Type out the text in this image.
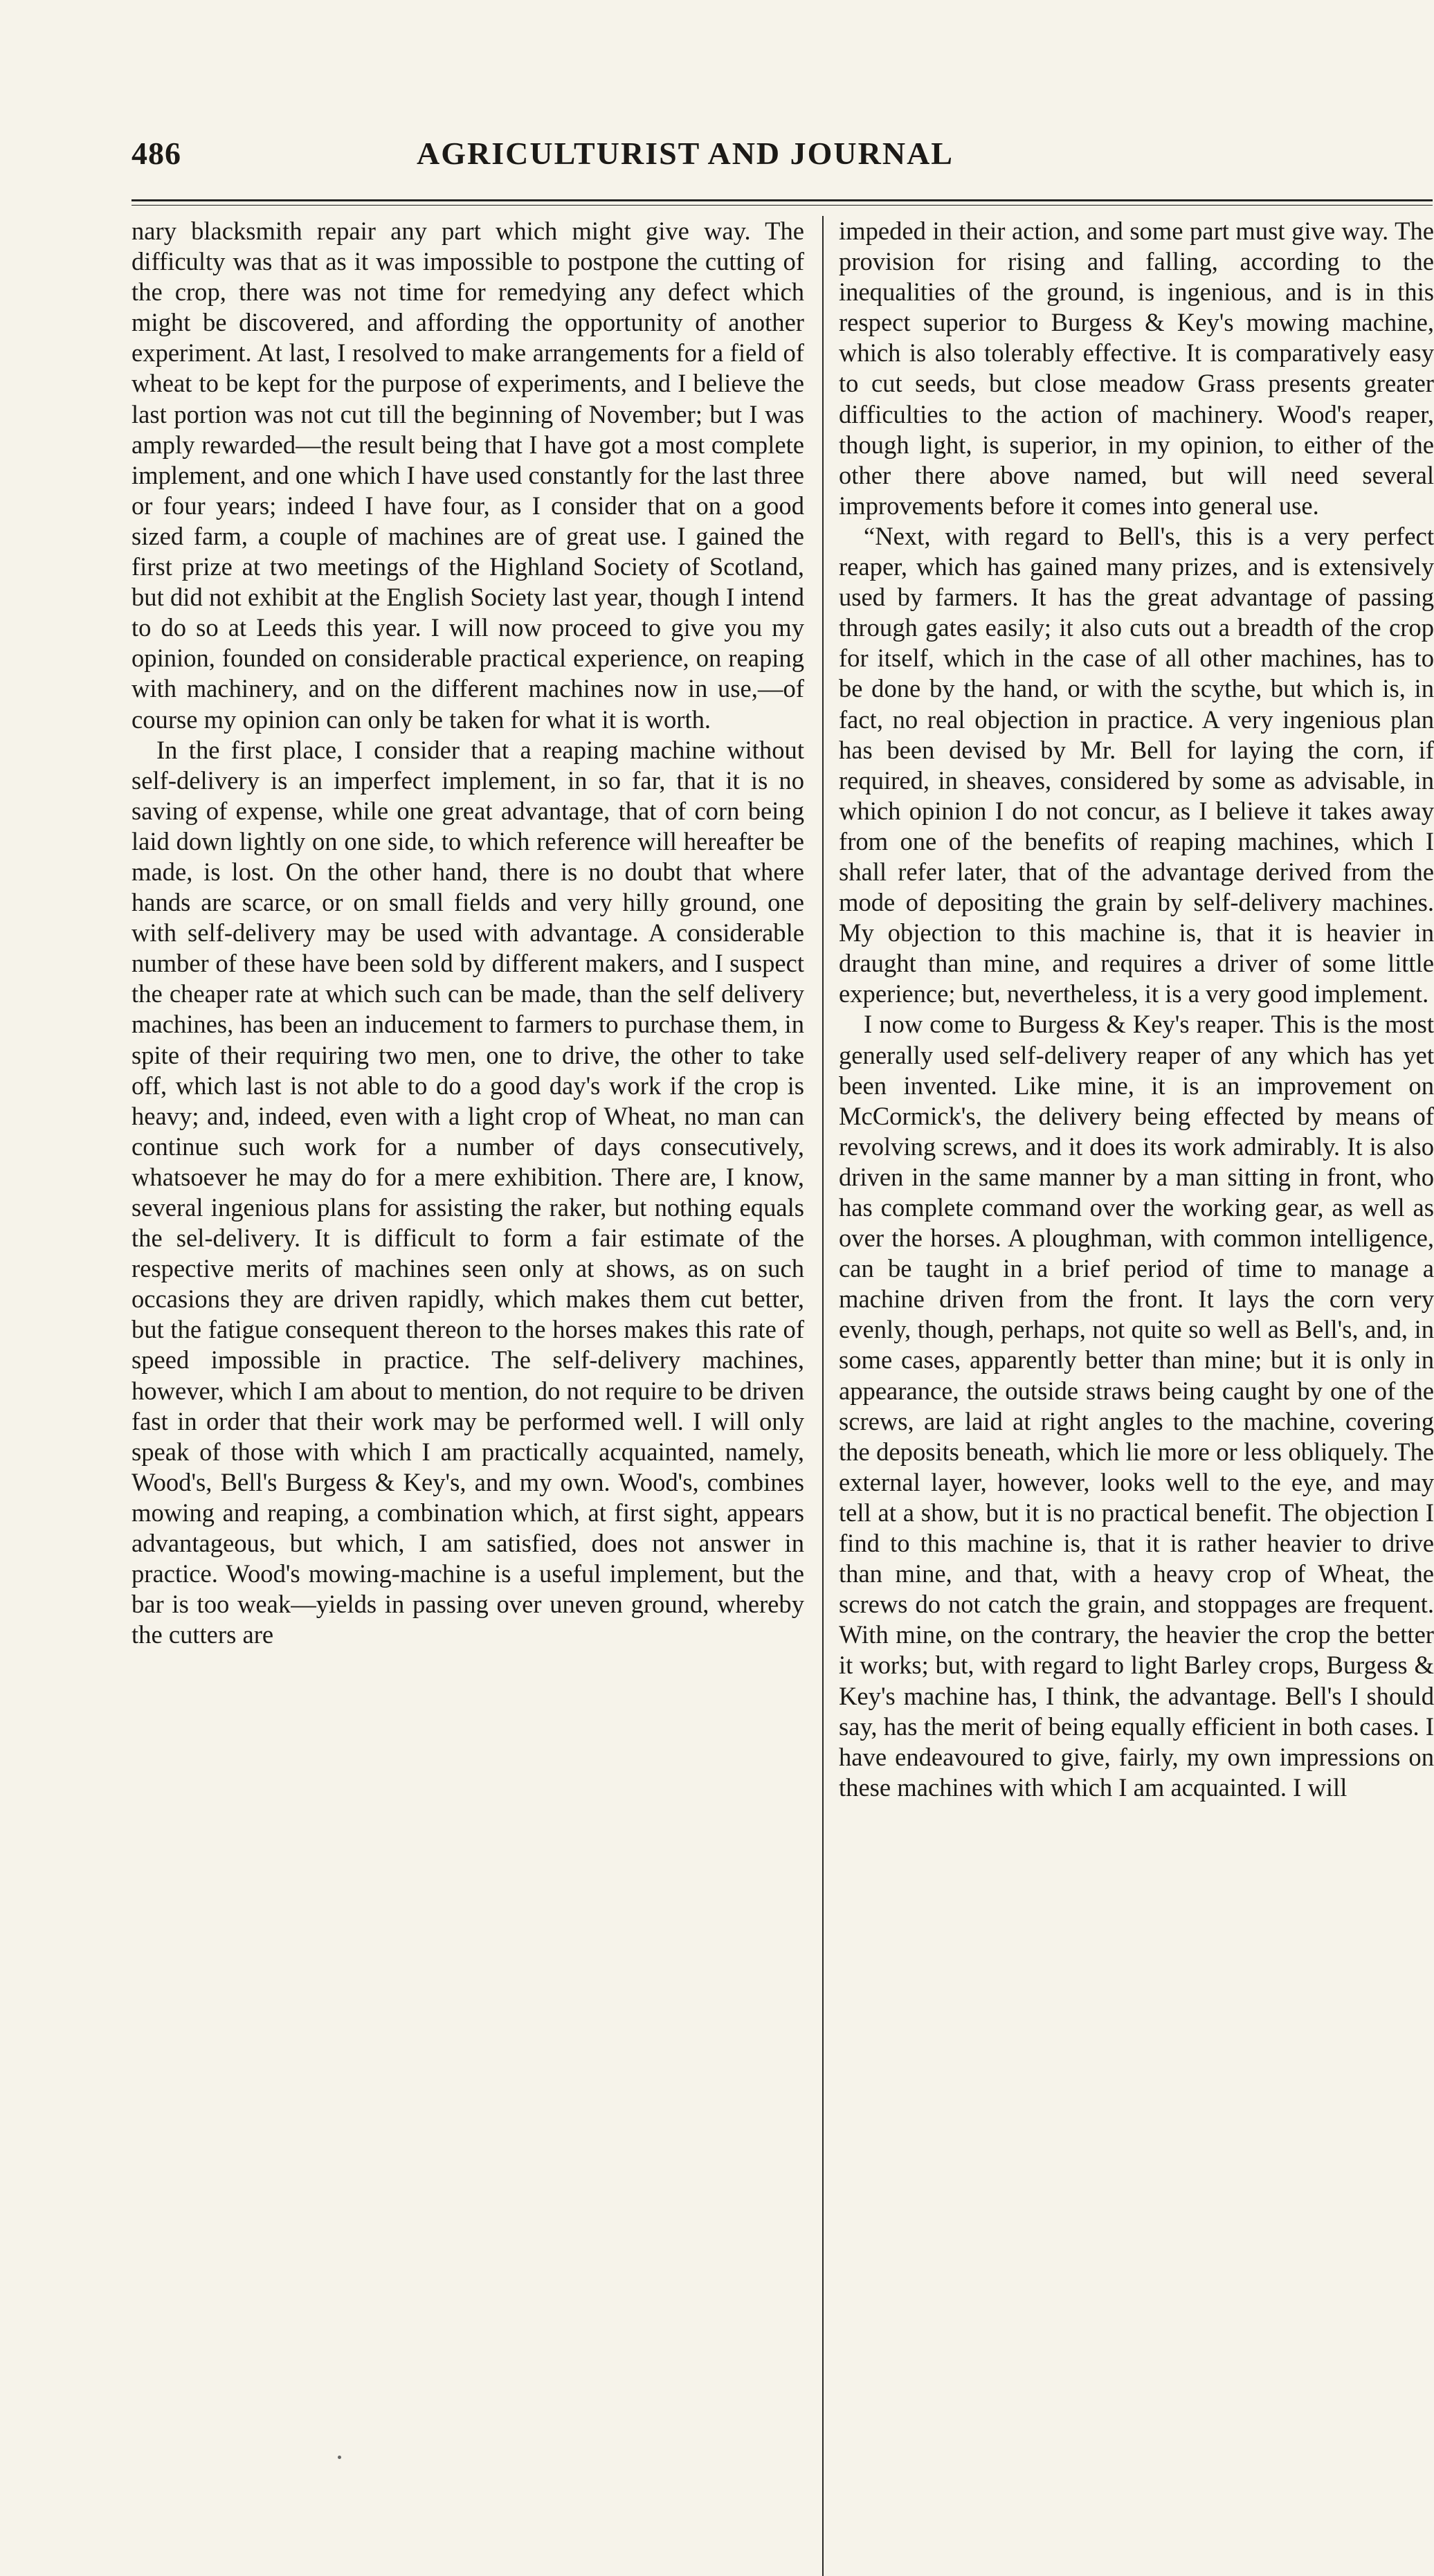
486	AGRICULTURIST AND JOURNAL

nary blacksmith repair any part which might give way. The difficulty was that as it was impossible to postpone the cutting of the crop, there was not time for remedying any defect which might be discovered, and affording the opportunity of another experiment. At last, I resolved to make arrangements for a field of wheat to be kept for the purpose of experiments, and I believe the last portion was not cut till the beginning of November; but I was amply rewarded—the result being that I have got a most complete implement, and one which I have used constantly for the last three or four years; indeed I have four, as I consider that on a good sized farm, a couple of machines are of great use. I gained the first prize at two meetings of the Highland Society of Scotland, but did not exhibit at the English Society last year, though I intend to do so at Leeds this year. I will now proceed to give you my opinion, founded on considerable practical experience, on reaping with machinery, and on the different machines now in use,—of course my opinion can only be taken for what it is worth.

In the first place, I consider that a reaping machine without self-delivery is an imperfect implement, in so far, that it is no saving of expense, while one great advantage, that of corn being laid down lightly on one side, to which reference will hereafter be made, is lost. On the other hand, there is no doubt that where hands are scarce, or on small fields and very hilly ground, one with self-delivery may be used with advantage. A considerable number of these have been sold by different makers, and I suspect the cheaper rate at which such can be made, than the self delivery machines, has been an inducement to farmers to purchase them, in spite of their requiring two men, one to drive, the other to take off, which last is not able to do a good day's work if the crop is heavy; and, indeed, even with a light crop of Wheat, no man can continue such work for a number of days consecutively, whatsoever he may do for a mere exhibition. There are, I know, several ingenious plans for assisting the raker, but nothing equals the sel-delivery. It is difficult to form a fair estimate of the respective merits of machines seen only at shows, as on such occasions they are driven rapidly, which makes them cut better, but the fatigue consequent thereon to the horses makes this rate of speed impossible in practice. The self-delivery machines, however, which I am about to mention, do not require to be driven fast in order that their work may be performed well. I will only speak of those with which I am practically acquainted, namely, Wood's, Bell's Burgess & Key's, and my own. Wood's, combines mowing and reaping, a combination which, at first sight, appears advantageous, but which, I am satisfied, does not answer in practice. Wood's mowing-machine is a useful implement, but the bar is too weak—yields in passing over uneven ground, whereby the cutters are

impeded in their action, and some part must give way. The provision for rising and falling, according to the inequalities of the ground, is ingenious, and is in this respect superior to Burgess & Key's mowing machine, which is also tolerably effective. It is comparatively easy to cut seeds, but close meadow Grass presents greater difficulties to the action of machinery. Wood's reaper, though light, is superior, in my opinion, to either of the other there above named, but will need several improvements before it comes into general use.

“Next, with regard to Bell's, this is a very perfect reaper, which has gained many prizes, and is extensively used by farmers. It has the great advantage of passing through gates easily; it also cuts out a breadth of the crop for itself, which in the case of all other machines, has to be done by the hand, or with the scythe, but which is, in fact, no real objection in practice. A very ingenious plan has been devised by Mr. Bell for laying the corn, if required, in sheaves, considered by some as advisable, in which opinion I do not concur, as I believe it takes away from one of the benefits of reaping machines, which I shall refer later, that of the advantage derived from the mode of depositing the grain by self-delivery machines. My objection to this machine is, that it is heavier in draught than mine, and requires a driver of some little experience; but, nevertheless, it is a very good implement.

I now come to Burgess & Key's reaper. This is the most generally used self-delivery reaper of any which has yet been invented. Like mine, it is an improvement on McCormick's, the delivery being effected by means of revolving screws, and it does its work admirably. It is also driven in the same manner by a man sitting in front, who has complete command over the working gear, as well as over the horses. A ploughman, with common intelligence, can be taught in a brief period of time to manage a machine driven from the front. It lays the corn very evenly, though, perhaps, not quite so well as Bell's, and, in some cases, apparently better than mine; but it is only in appearance, the outside straws being caught by one of the screws, are laid at right angles to the machine, covering the deposits beneath, which lie more or less obliquely. The external layer, however, looks well to the eye, and may tell at a show, but it is no practical benefit. The objection I find to this machine is, that it is rather heavier to drive than mine, and that, with a heavy crop of Wheat, the screws do not catch the grain, and stoppages are frequent. With mine, on the contrary, the heavier the crop the better it works; but, with regard to light Barley crops, Burgess & Key's machine has, I think, the advantage. Bell's I should say, has the merit of being equally efficient in both cases. I have endeavoured to give, fairly, my own impressions on these machines with which I am acquainted. I will
